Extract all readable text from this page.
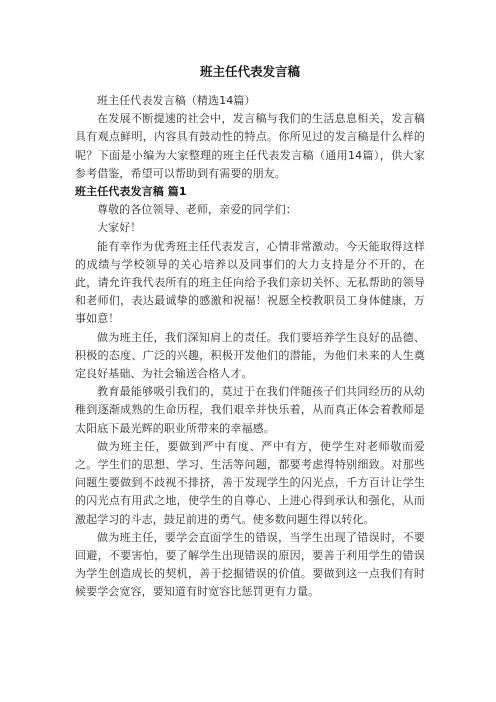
班主任代表发言稿

班主任代表发言稿（精选14篇）

在发展不断提速的社会中，发言稿与我们的生活息息相关，发言稿具有观点鲜明，内容具有鼓动性的特点。你所见过的发言稿是什么样的呢？下面是小编为大家整理的班主任代表发言稿（通用14篇），供大家参考借鉴，希望可以帮助到有需要的朋友。

班主任代表发言稿 篇1

尊敬的各位领导、老师，亲爱的同学们：

大家好！

能有幸作为优秀班主任代表发言，心情非常激动。今天能取得这样的成绩与学校领导的关心培养以及同事们的大力支持是分不开的，在此，请允许我代表所有的班主任向给予我们亲切关怀、无私帮助的领导和老师们，表达最诚挚的感激和祝福！祝愿全校教职员工身体健康，万事如意！

做为班主任，我们深知肩上的责任。我们要培养学生良好的品德、积极的态度、广泛的兴趣，积极开发他们的潜能，为他们未来的人生奠定良好基础、为社会输送合格人才。

教育最能够吸引我们的，莫过于在我们伴随孩子们共同经历的从幼稚到逐渐成熟的生命历程，我们艰辛并快乐着，从而真正体会着教师是太阳底下最光辉的职业所带来的幸福感。

做为班主任，要做到严中有度、严中有方，使学生对老师敬而爱之。学生们的思想、学习、生活等问题，都要考虑得特别细致。对那些问题生要做到不歧视不排挤，善于发现学生的闪光点，千方百计让学生的闪光点有用武之地，使学生的自尊心、上进心得到承认和强化，从而激起学习的斗志，鼓足前进的勇气。使多数问题生得以转化。

做为班主任，要学会直面学生的错误，当学生出现了错误时，不要回避，不要害怕，要了解学生出现错误的原因，要善于利用学生的错误为学生创造成长的契机，善于挖掘错误的价值。要做到这一点我们有时候要学会宽容，要知道有时宽容比惩罚更有力量。
